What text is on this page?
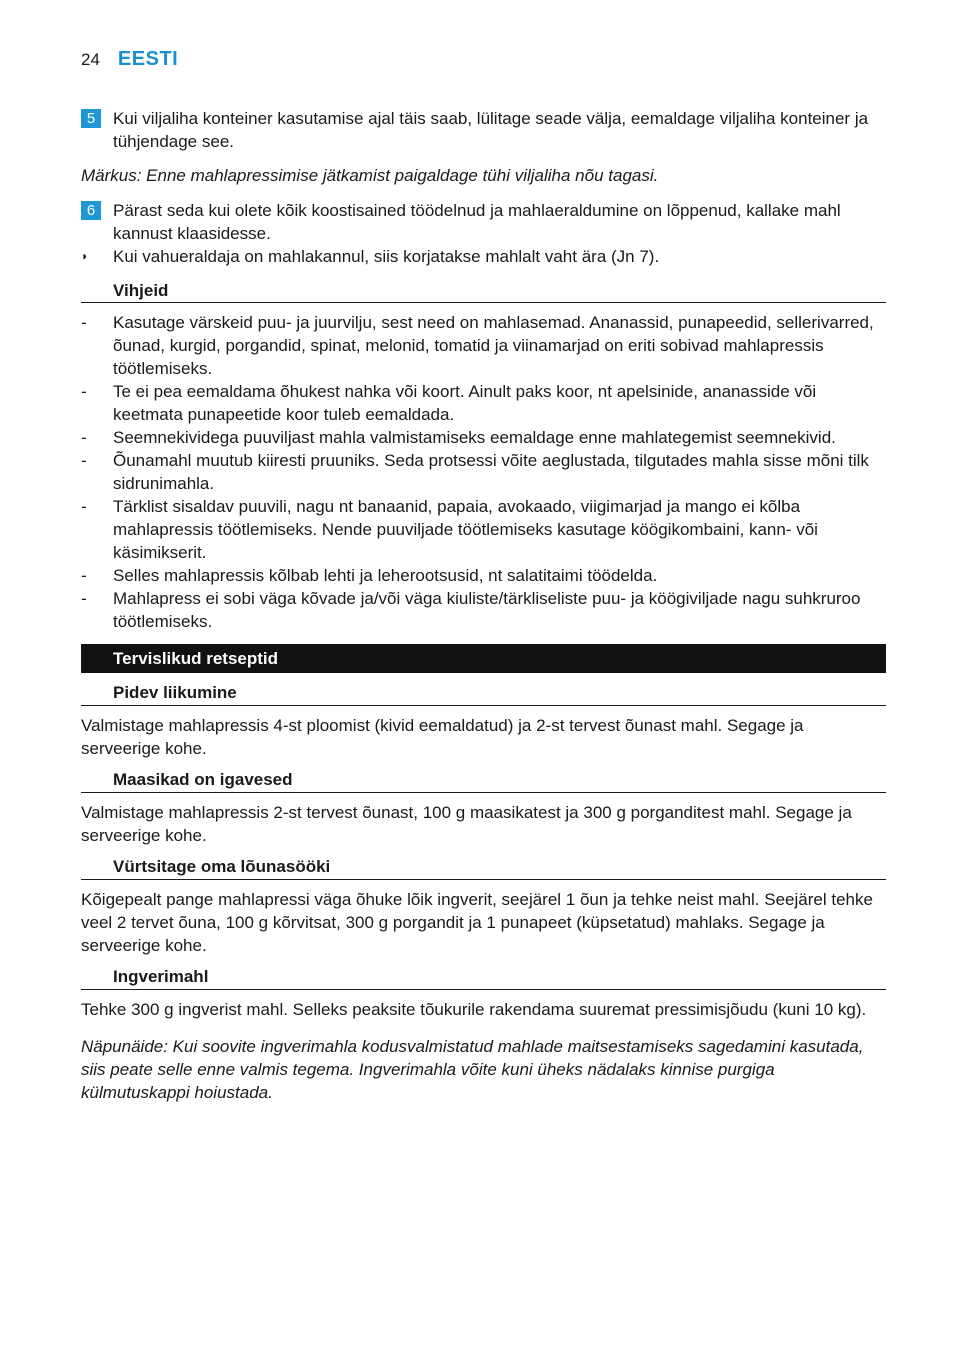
24 EESTI
5	Kui viljaliha konteiner kasutamise ajal täis saab, lülitage seade välja, eemaldage viljaliha konteiner ja tühjendage see.
Märkus: Enne mahlapressimise jätkamist paigaldage tühi viljaliha nõu tagasi.
6	Pärast seda kui olete kõik koostisained töödelnud ja mahlaeraldumine on lõppenud, kallake mahl kannust klaasidesse.
◗	Kui vahueraldaja on mahlakannul, siis korjatakse mahlalt vaht ära (Jn 7).
Vihjeid
-	Kasutage värskeid puu- ja juurvilju, sest need on mahlasemad. Ananassid, punapeedid, sellerivarred, õunad, kurgid, porgandid, spinat, melonid, tomatid ja viinamarjad on eriti sobivad mahlapressis töötlemiseks.
-	Te ei pea eemaldama õhukest nahka või koort. Ainult paks koor, nt apelsinide, ananasside või keetmata punapeetide koor tuleb eemaldada.
-	Seemnekividega puuviljast mahla valmistamiseks eemaldage enne mahlategemist seemnekivid.
-	Õunamahl muutub kiiresti pruuniks. Seda protsessi võite aeglustada, tilgutades mahla sisse mõni tilk sidrunimahla.
-	Tärklist sisaldav puuvili, nagu nt banaanid, papaia, avokaado, viigimarjad ja mango ei kõlba mahlapressis töötlemiseks. Nende puuviljade töötlemiseks kasutage köögikombaini, kann- või käsimikserit.
-	Selles mahlapressis kõlbab lehti ja leherootsusid, nt salatitaimi töödelda.
-	Mahlapress ei sobi väga kõvade ja/või väga kiuliste/tärkliseliste puu- ja köögiviljade nagu suhkruroo töötlemiseks.
Tervislikud retseptid
Pidev liikumine
Valmistage mahlapressis 4-st ploomist (kivid eemaldatud) ja 2-st tervest õunast mahl. Segage ja serveerige kohe.
Maasikad on igavesed
Valmistage mahlapressis 2-st tervest õunast, 100 g maasikatest ja 300 g porganditest mahl. Segage ja serveerige kohe.
Vürtsitage oma lõunasööki
Kõigepealt pange mahlapressi väga õhuke lõik ingverit, seejärel 1 õun ja tehke neist mahl. Seejärel tehke veel 2 tervet õuna, 100 g kõrvitsat, 300 g porgandit ja 1 punapeet (küpsetatud) mahlaks. Segage ja serveerige kohe.
Ingverimahl
Tehke 300 g ingverist mahl. Selleks peaksite tõukurile rakendama suuremat pressimisjõudu (kuni 10 kg).
Näpunäide: Kui soovite ingverimahla kodusvalmistatud mahlade maitsestamiseks sagedamini kasutada, siis peate selle enne valmis tegema. Ingverimahla võite kuni üheks nädalaks kinnise purgiga külmutuskappi hoiustada.
